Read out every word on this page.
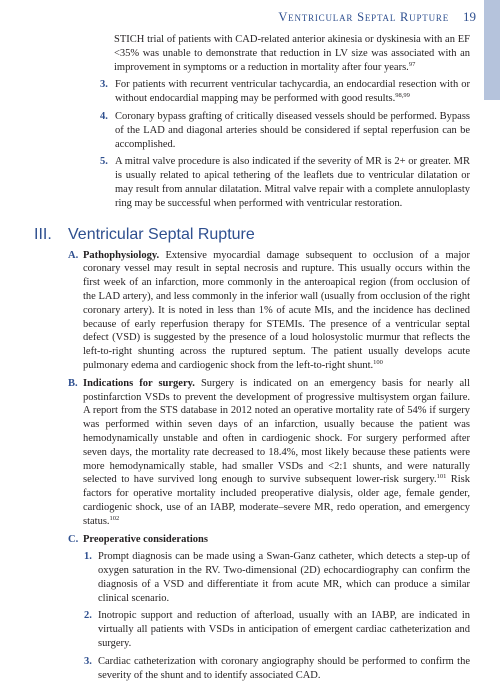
Ventricular Septal Rupture 19
STICH trial of patients with CAD-related anterior akinesia or dyskinesia with an EF <35% was unable to demonstrate that reduction in LV size was associated with an improvement in symptoms or a reduction in mortality after four years.$^{97}$
3. For patients with recurrent ventricular tachycardia, an endocardial resection with or without endocardial mapping may be performed with good results.$^{98,99}$
4. Coronary bypass grafting of critically diseased vessels should be performed. Bypass of the LAD and diagonal arteries should be considered if septal reperfusion can be accomplished.
5. A mitral valve procedure is also indicated if the severity of MR is 2+ or greater. MR is usually related to apical tethering of the leaflets due to ventricular dilatation or may result from annular dilatation. Mitral valve repair with a complete annuloplasty ring may be successful when performed with ventricular restoration.
III. Ventricular Septal Rupture
A. Pathophysiology. Extensive myocardial damage subsequent to occlusion of a major coronary vessel may result in septal necrosis and rupture. This usually occurs within the first week of an infarction, more commonly in the anteroapical region (from occlusion of the LAD artery), and less commonly in the inferior wall (usually from occlusion of the right coronary artery). It is noted in less than 1% of acute MIs, and the incidence has declined because of early reperfusion therapy for STEMIs. The presence of a ventricular septal defect (VSD) is suggested by the presence of a loud holosystolic murmur that reflects the left-to-right shunting across the ruptured septum. The patient usually develops acute pulmonary edema and cardiogenic shock from the left-to-right shunt.$^{100}$
B. Indications for surgery. Surgery is indicated on an emergency basis for nearly all postinfarction VSDs to prevent the development of progressive multisystem organ failure. A report from the STS database in 2012 noted an operative mortality rate of 54% if surgery was performed within seven days of an infarction, usually because the patient was hemodynamically unstable and often in cardiogenic shock. For surgery performed after seven days, the mortality rate decreased to 18.4%, most likely because these patients were more hemodynamically stable, had smaller VSDs and <2:1 shunts, and were naturally selected to have survived long enough to survive subsequent lower-risk surgery.$^{101}$ Risk factors for operative mortality included preoperative dialysis, older age, female gender, cardiogenic shock, use of an IABP, moderate–severe MR, redo operation, and emergency status.$^{102}$
C. Preoperative considerations
1. Prompt diagnosis can be made using a Swan-Ganz catheter, which detects a step-up of oxygen saturation in the RV. Two-dimensional (2D) echocardiography can confirm the diagnosis of a VSD and differentiate it from acute MR, which can produce a similar clinical scenario.
2. Inotropic support and reduction of afterload, usually with an IABP, are indicated in virtually all patients with VSDs in anticipation of emergent cardiac catheterization and surgery.
3. Cardiac catheterization with coronary angiography should be performed to confirm the severity of the shunt and to identify associated CAD.
